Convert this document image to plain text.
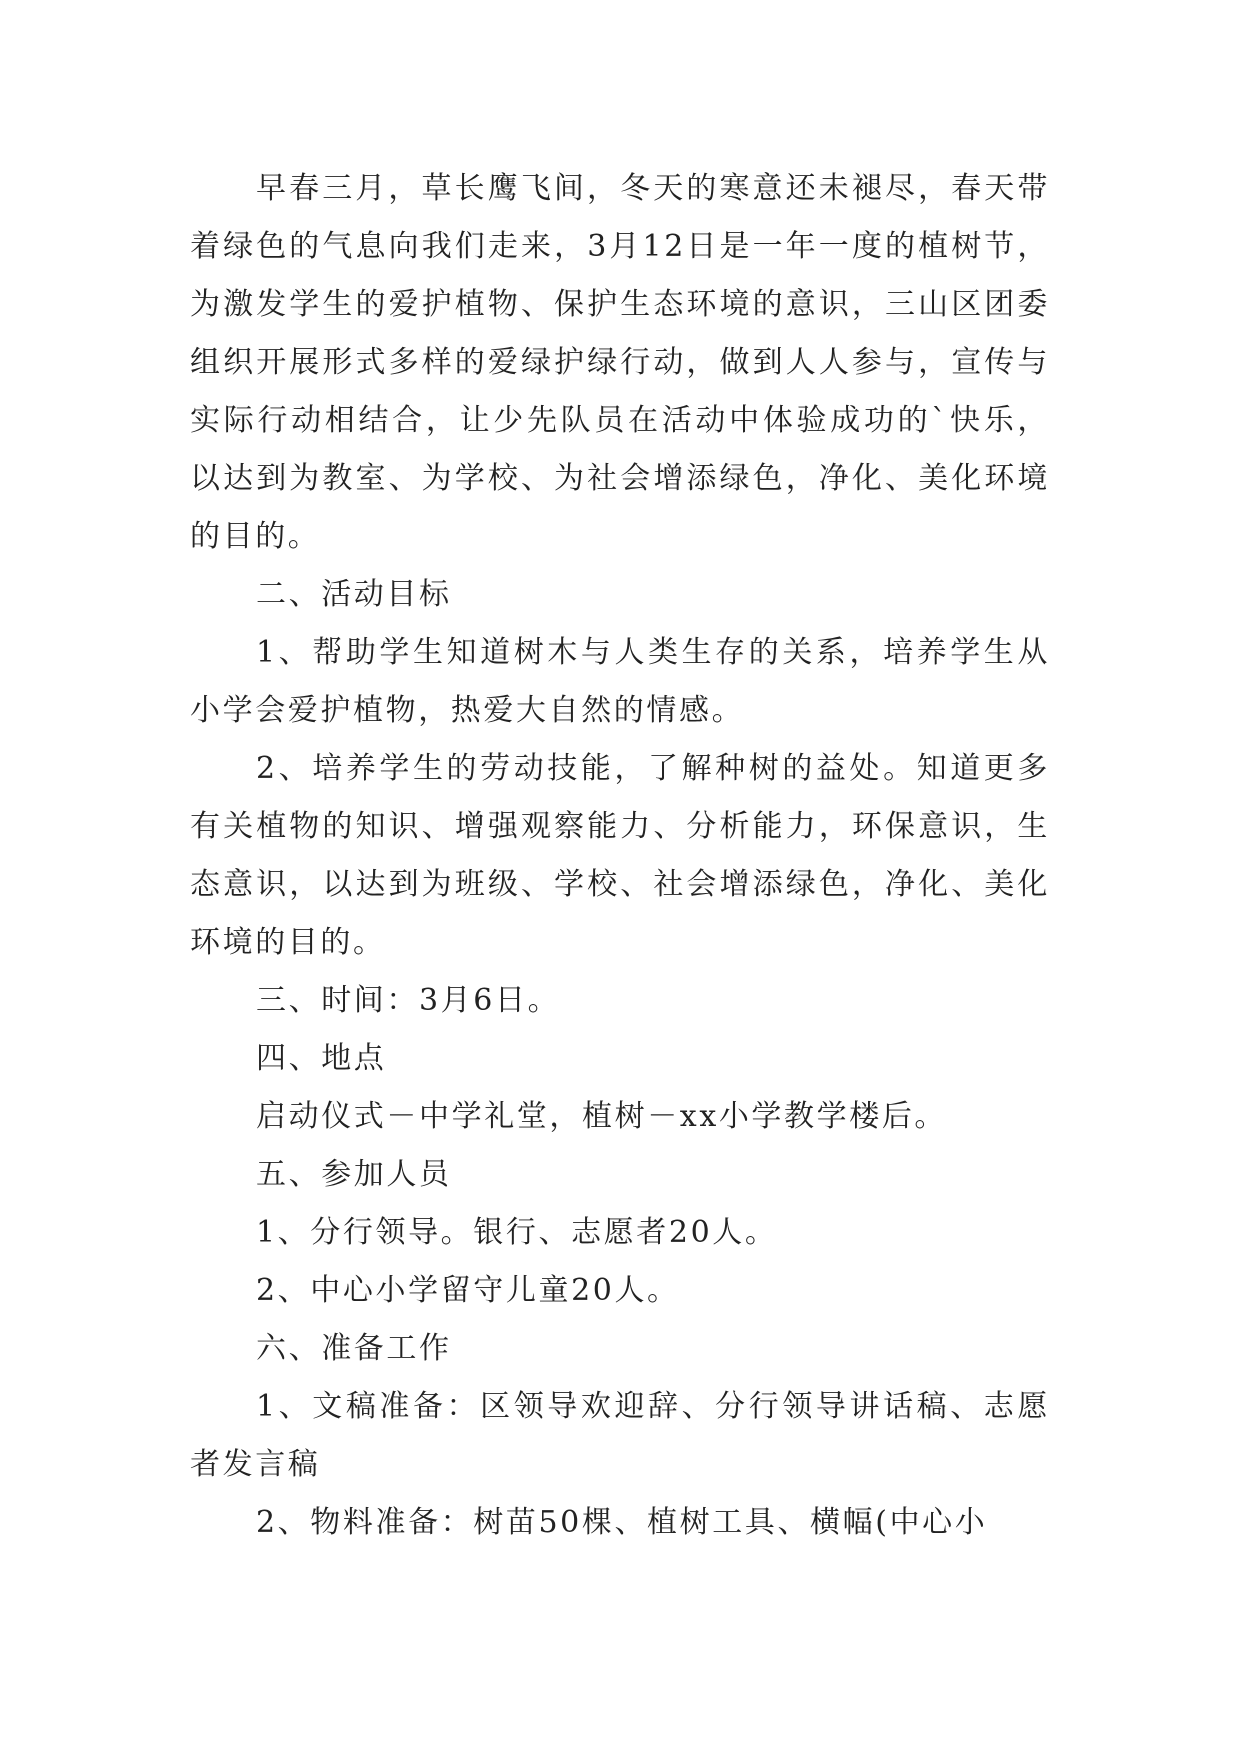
早春三月，草长鹰飞间，冬天的寒意还未褪尽，春天带着绿色的气息向我们走来，3月12日是一年一度的植树节，为激发学生的爱护植物、保护生态环境的意识，三山区团委组织开展形式多样的爱绿护绿行动，做到人人参与，宣传与实际行动相结合，让少先队员在活动中体验成功的`快乐，以达到为教室、为学校、为社会增添绿色，净化、美化环境的目的。

二、活动目标

1、帮助学生知道树木与人类生存的关系，培养学生从小学会爱护植物，热爱大自然的情感。

2、培养学生的劳动技能，了解种树的益处。知道更多有关植物的知识、增强观察能力、分析能力，环保意识，生态意识，以达到为班级、学校、社会增添绿色，净化、美化环境的目的。

三、时间：3月6日。

四、地点

启动仪式－中学礼堂，植树－xx小学教学楼后。

五、参加人员

1、分行领导。银行、志愿者20人。

2、中心小学留守儿童20人。

六、准备工作

1、文稿准备：区领导欢迎辞、分行领导讲话稿、志愿者发言稿

2、物料准备：树苗50棵、植树工具、横幅(中心小
